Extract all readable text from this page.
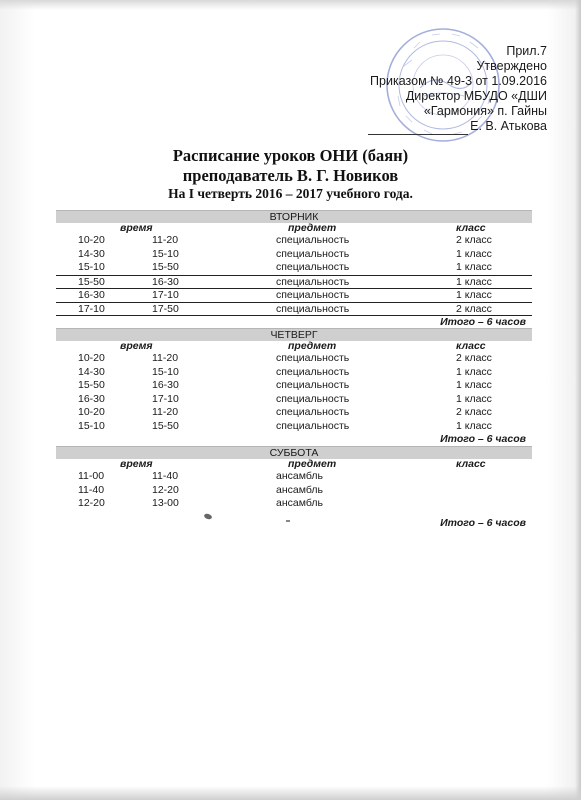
Прил.7
Утверждено
Приказом № 49-3 от 1.09.2016
Директор МБУДО «ДШИ
«Гармония» п. Гайны
Е. В. Атькова
Расписание уроков ОНИ (баян)
преподаватель В. Г. Новиков
На I четверть 2016 – 2017 учебного года.
ВТОРНИК
время	предмет	класс
10-20	11-20	специальность	2 класс
14-30	15-10	специальность	1 класс
15-10	15-50	специальность	1 класс
15-50	16-30	специальность	1 класс
16-30	17-10	специальность	1 класс
17-10	17-50	специальность	2 класс
Итого – 6 часов
ЧЕТВЕРГ
время	предмет	класс
10-20	11-20	специальность	2 класс
14-30	15-10	специальность	1 класс
15-50	16-30	специальность	1 класс
16-30	17-10	специальность	1 класс
10-20	11-20	специальность	2 класс
15-10	15-50	специальность	1 класс
Итого – 6 часов
СУББОТА
время	предмет	класс
11-00	11-40	ансамбль
11-40	12-20	ансамбль
12-20	13-00	ансамбль
Итого – 6 часов
